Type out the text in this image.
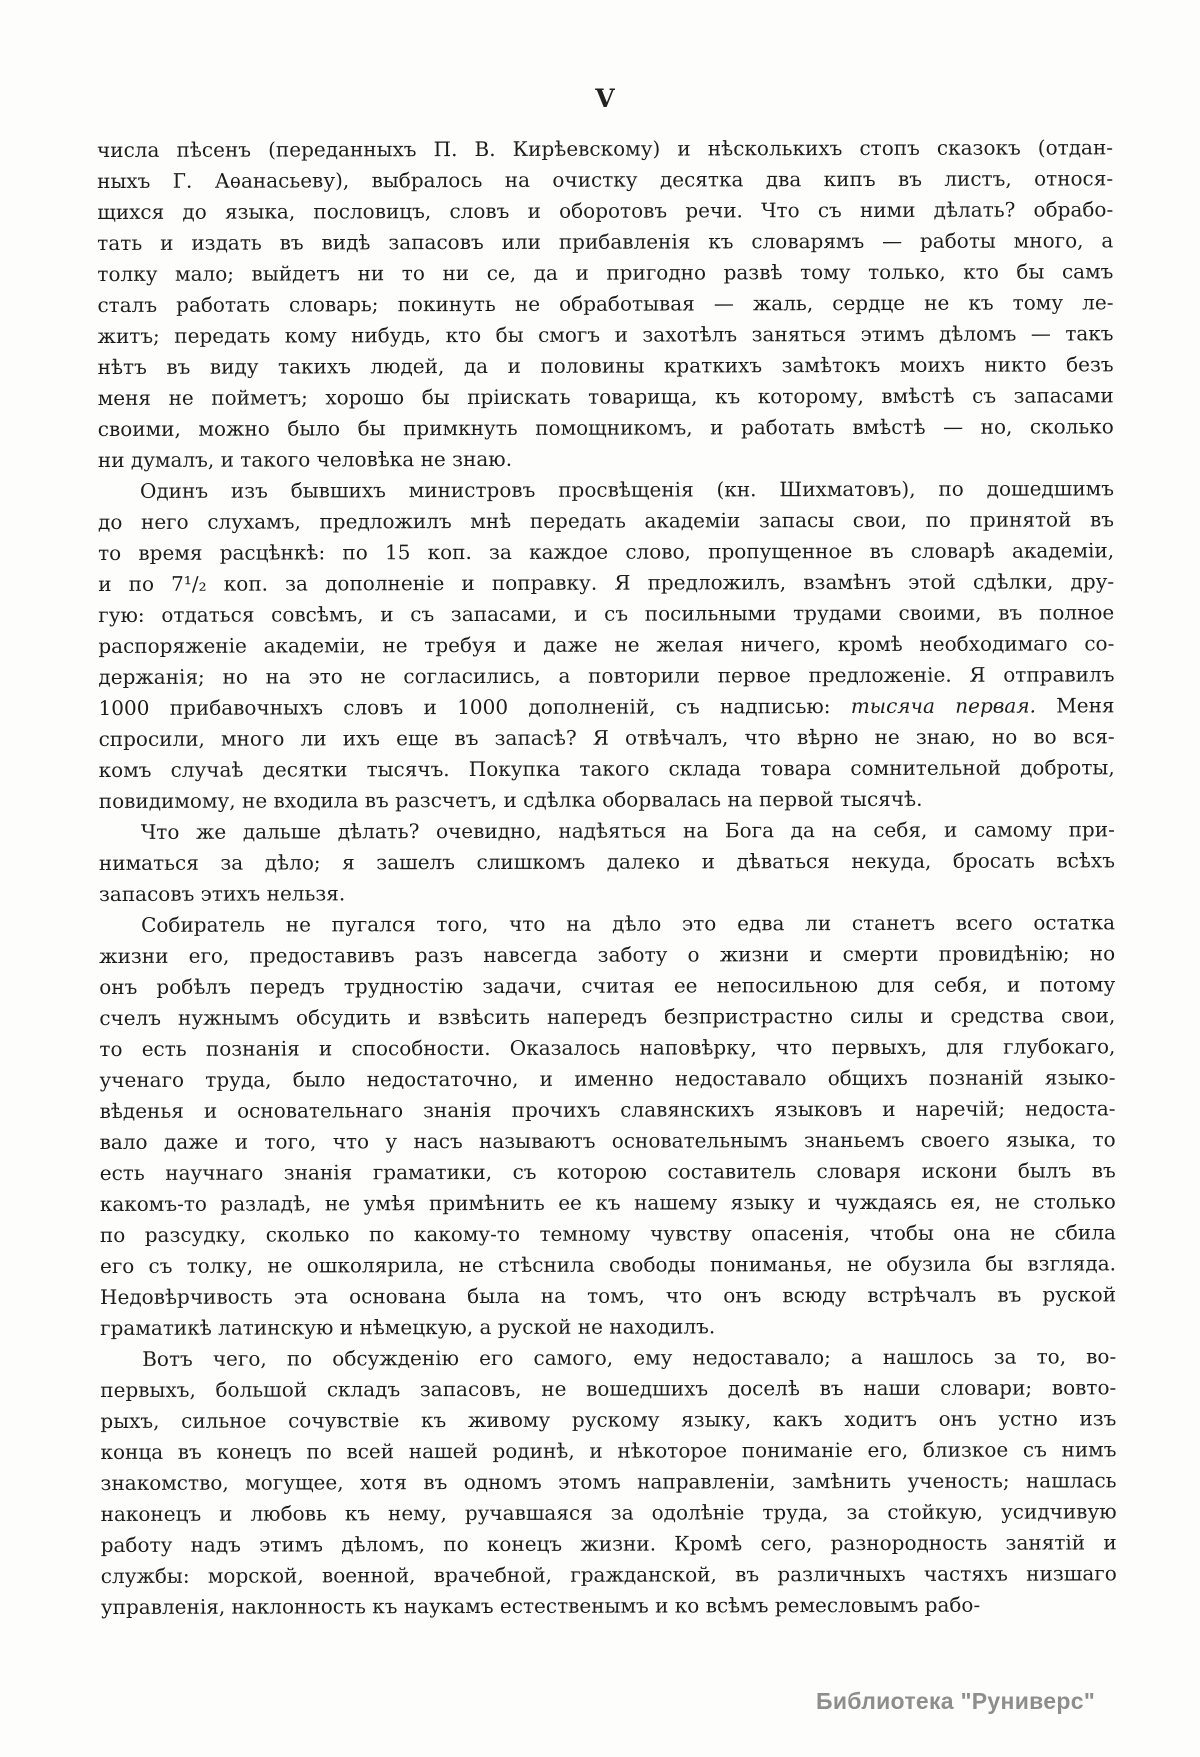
V
числа пѣсенъ (переданныхъ П. В. Кирѣевскому) и нѣсколькихъ стопъ сказокъ (отдан-
ныхъ Г. Аѳанасьеву), выбралось на очистку десятка два кипъ въ листъ, относя-
щихся до языка, пословицъ, словъ и оборотовъ речи. Что съ ними дѣлать? обрабо-
тать и издать въ видѣ запасовъ или прибавленія къ словарямъ — работы много, а
толку мало; выйдетъ ни то ни се, да и пригодно развѣ тому только, кто бы самъ
сталъ работать словарь; покинуть не обработывая — жаль, сердце не къ тому ле-
житъ; передать кому нибудь, кто бы смогъ и захотѣлъ заняться этимъ дѣломъ — такъ
нѣтъ въ виду такихъ людей, да и половины краткихъ замѣтокъ моихъ никто безъ
меня не пойметъ; хорошо бы пріискать товарища, къ которому, вмѣстѣ съ запасами
своими, можно было бы примкнуть помощникомъ, и работать вмѣстѣ — но, сколько
ни думалъ, и такого человѣка не знаю.
Одинъ изъ бывшихъ министровъ просвѣщенія (кн. Шихматовъ), по дошедшимъ
до него слухамъ, предложилъ мнѣ передать академіи запасы свои, по принятой въ
то время расцѣнкѣ: по 15 коп. за каждое слово, пропущенное въ словарѣ академіи,
и по 7¹/₂ коп. за дополненіе и поправку. Я предложилъ, взамѣнъ этой сдѣлки, дру-
гую: отдаться совсѣмъ, и съ запасами, и съ посильными трудами своими, въ полное
распоряженіе академіи, не требуя и даже не желая ничего, кромѣ необходимаго со-
держанія; но на это не согласились, а повторили первое предложеніе. Я отправилъ
1000 прибавочныхъ словъ и 1000 дополненій, съ надписью: тысяча первая. Меня
спросили, много ли ихъ еще въ запасѣ? Я отвѣчалъ, что вѣрно не знаю, но во вся-
комъ случаѣ десятки тысячъ. Покупка такого склада товара сомнительной доброты,
повидимому, не входила въ разсчетъ, и сдѣлка оборвалась на первой тысячѣ.
Что же дальше дѣлать? очевидно, надѣяться на Бога да на себя, и самому при-
ниматься за дѣло; я зашелъ слишкомъ далеко и дѣваться некуда, бросать всѣхъ
запасовъ этихъ нельзя.
Собиратель не пугался того, что на дѣло это едва ли станетъ всего остатка
жизни его, предоставивъ разъ навсегда заботу о жизни и смерти провидѣнію; но
онъ робѣлъ передъ трудностію задачи, считая ее непосильною для себя, и потому
счелъ нужнымъ обсудить и взвѣсить напередъ безпристрастно силы и средства свои,
то есть познанія и способности. Оказалось наповѣрку, что первыхъ, для глубокаго,
ученаго труда, было недостаточно, и именно недоставало общихъ познаній языко-
вѣденья и основательнаго знанія прочихъ славянскихъ языковъ и наречій; недоста-
вало даже и того, что у насъ называютъ основательнымъ знаньемъ своего языка, то
есть научнаго знанія граматики, съ которою составитель словаря искони былъ въ
какомъ-то разладѣ, не умѣя примѣнить ее къ нашему языку и чуждаясь ея, не столько
по разсудку, сколько по какому-то темному чувству опасенія, чтобы она не сбила
его съ толку, не ошколярила, не стѣснила свободы пониманья, не обузила бы взгляда.
Недовѣрчивость эта основана была на томъ, что онъ всюду встрѣчалъ въ руской
граматикѣ латинскую и нѣмецкую, а руской не находилъ.
Вотъ чего, по обсужденію его самого, ему недоставало; а нашлось за то, во-
первыхъ, большой складъ запасовъ, не вошедшихъ доселѣ въ наши словари; вовто-
рыхъ, сильное сочувствіе къ живому рускому языку, какъ ходитъ онъ устно изъ
конца въ конецъ по всей нашей родинѣ, и нѣкоторое пониманіе его, близкое съ нимъ
знакомство, могущее, хотя въ одномъ этомъ направленіи, замѣнить ученость; нашлась
наконецъ и любовь къ нему, ручавшаяся за одолѣніе труда, за стойкую, усидчивую
работу надъ этимъ дѣломъ, по конецъ жизни. Кромѣ сего, разнородность занятій и
службы: морской, военной, врачебной, гражданской, въ различныхъ частяхъ низшаго
управленія, наклонность къ наукамъ естественымъ и ко всѣмъ ремесловымъ рабо-
Библиотека "Руниверс"
